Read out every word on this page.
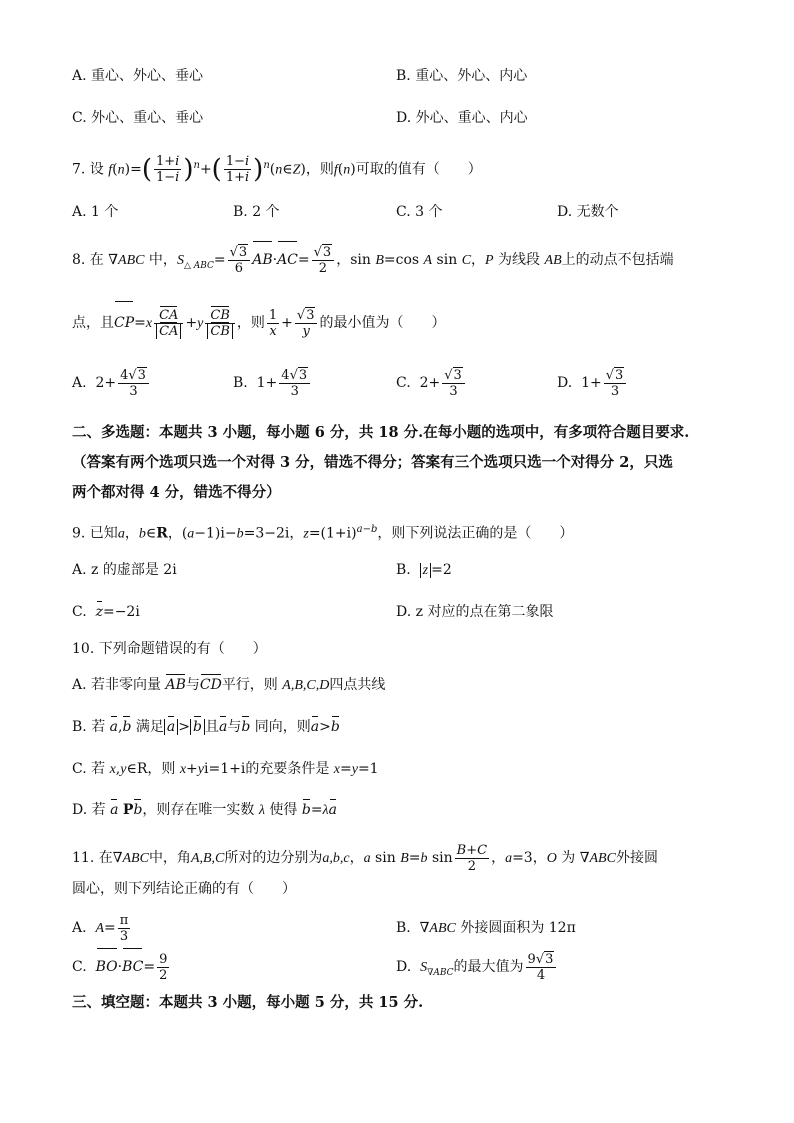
A. 重心、外心、垂心	B. 重心、外心、内心
C. 外心、重心、垂心	D. 外心、重心、内心
7. 设 $f(n)=( \frac{1+i}{1-i} )^n+( \frac{1-i}{1+i}$ )$^n(n\in Z)$，则f(n)可取的值有（　　）
A. 1 个	B. 2 个	C. 3 个	D. 无数个
8. 在 ∇ABC 中，$S_{\triangle ABC}= \frac{√3}{6} AB\cdot AC= \frac{√3}{2}$ ，sin B=cos A sin C，P 为线段 AB上的动点不包括端
点，且$CP=x \frac{CA}{CA} +y \frac{CB}{CB}$ ，则 $\frac{1}{x} + \frac{√3}{y}$ 的最小值为（　　）
A.  $2+ \frac{4√3}{3}$	B.  $1+ \frac{4√3}{3}$	C.  $2+ \frac{√3}{3}$	D.  $1+ \frac{√3}{3}$
二、多选题：本题共 3 小题，每小题 6 分，共 18 分.在每小题的选项中，有多项符合题目要求.
（答案有两个选项只选一个对得 3 分，错选不得分；答案有三个选项只选一个对得分 2，只选
两个都对得 4 分，错选不得分）
9. 已知a，b∈R，(a−1)i−b=3−2i，$z=(1+i)^{a-b}$，则下列说法正确的是（　　）
A. z 的虚部是 2i	B. z =2
C. z=−2i	D. z 对应的点在第二象限
10. 下列命题错误的有（　　）
A. 若非零向量 AB与CD平行，则 A,B,C,D四点共线
B. 若 a,b 满足 a > b 且a与b 同向，则a>b
C. 若 x,y∈R，则 x+yi=1+i的充要条件是 x=y=1
D. 若 a Pb，则存在唯一实数 λ 使得 b=λa
11. 在∇ABC中，角A,B,C所对的边分别为a,b,c，a sin B=b $\sin \frac{B+C}{2}$ ，a=3，O 为 ∇ABC外接圆
圆心，则下列结论正确的有（　　）
A. $A= \frac{\pi}{3}$	B. ∇ABC 外接圆面积为 12π
C. $BO\cdot BC= \frac{9}{2}$	D. $S_{\nabla ABC}$的最大值为 $\frac{9√3}{4}$
三、填空题：本题共 3 小题，每小题 5 分，共 15 分.
